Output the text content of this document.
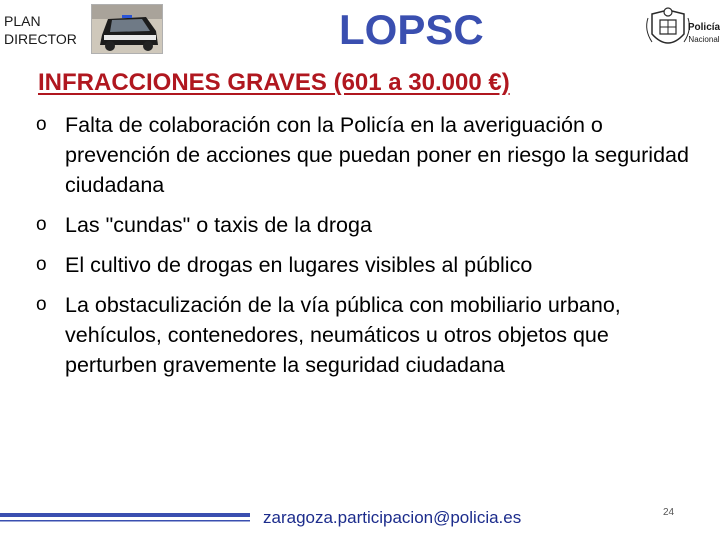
PLAN
DIRECTOR	LOPSC	Policía
Nacional
INFRACCIONES GRAVES (601 a 30.000 €)
o Falta de colaboración con la Policía en la averiguación o prevención de acciones que puedan poner en riesgo la seguridad ciudadana
o Las "cundas" o taxis de la droga
o El cultivo de drogas en lugares visibles al público
o La obstaculización de la vía pública con mobiliario urbano, vehículos, contenedores, neumáticos u otros objetos que perturben gravemente la seguridad ciudadana
zaragoza.participacion@policia.es	24
